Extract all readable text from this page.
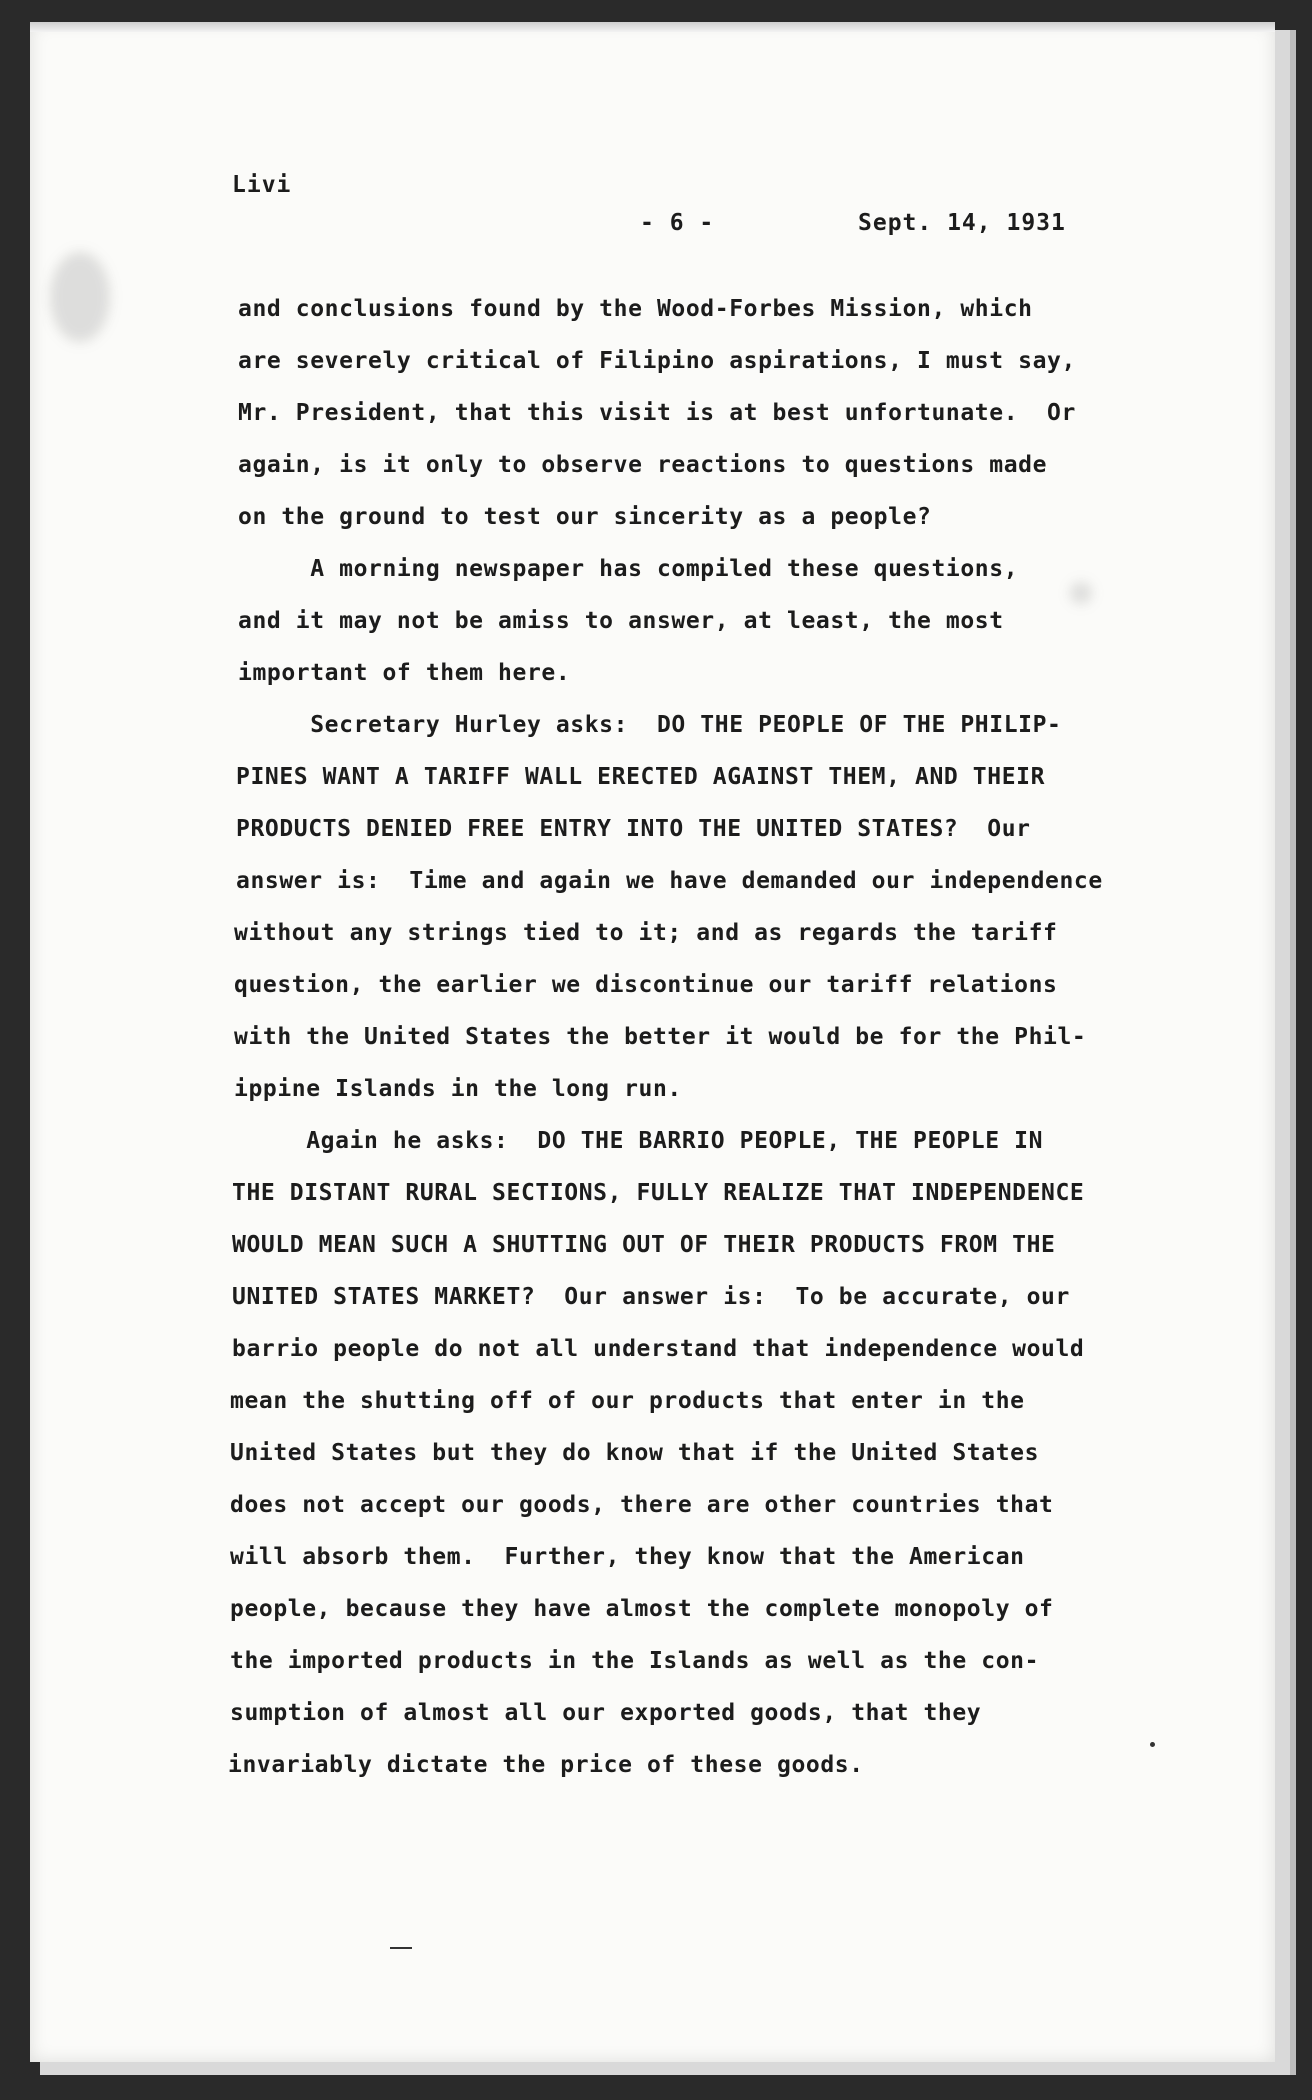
Livi
- 6 -	Sept. 14, 1931
and conclusions found by the Wood-Forbes Mission, which
are severely critical of Filipino aspirations, I must say,
Mr. President, that this visit is at best unfortunate.  Or
again, is it only to observe reactions to questions made
on the ground to test our sincerity as a people?
A morning newspaper has compiled these questions,
and it may not be amiss to answer, at least, the most
important of them here.
Secretary Hurley asks:  DO THE PEOPLE OF THE PHILIP-
PINES WANT A TARIFF WALL ERECTED AGAINST THEM, AND THEIR
PRODUCTS DENIED FREE ENTRY INTO THE UNITED STATES?  Our
answer is:  Time and again we have demanded our independence
without any strings tied to it; and as regards the tariff
question, the earlier we discontinue our tariff relations
with the United States the better it would be for the Phil-
ippine Islands in the long run.
Again he asks:  DO THE BARRIO PEOPLE, THE PEOPLE IN
THE DISTANT RURAL SECTIONS, FULLY REALIZE THAT INDEPENDENCE
WOULD MEAN SUCH A SHUTTING OUT OF THEIR PRODUCTS FROM THE
UNITED STATES MARKET?  Our answer is:  To be accurate, our
barrio people do not all understand that independence would
mean the shutting off of our products that enter in the
United States but they do know that if the United States
does not accept our goods, there are other countries that
will absorb them.  Further, they know that the American
people, because they have almost the complete monopoly of
the imported products in the Islands as well as the con-
sumption of almost all our exported goods, that they
invariably dictate the price of these goods.
